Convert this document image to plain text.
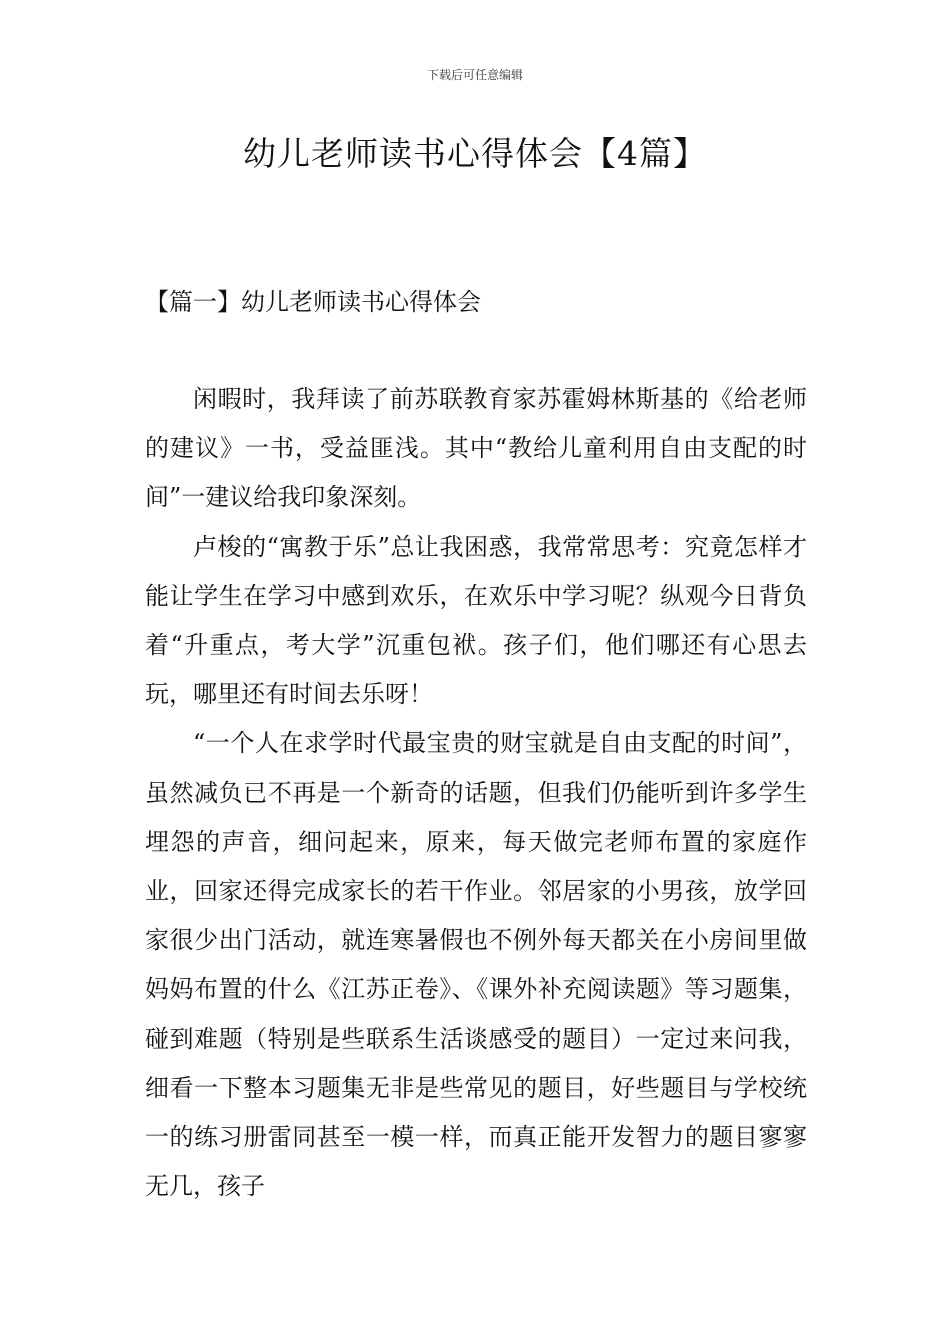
下载后可任意编辑
幼儿老师读书心得体会【4篇】
【篇一】幼儿老师读书心得体会

闲暇时，我拜读了前苏联教育家苏霍姆林斯基的《给老师的建议》一书，受益匪浅。其中“教给儿童利用自由支配的时间”一建议给我印象深刻。

卢梭的“寓教于乐”总让我困惑，我常常思考：究竟怎样才能让学生在学习中感到欢乐，在欢乐中学习呢？纵观今日背负着“升重点，考大学”沉重包袱。孩子们，他们哪还有心思去玩，哪里还有时间去乐呀！

“一个人在求学时代最宝贵的财宝就是自由支配的时间”，虽然减负已不再是一个新奇的话题，但我们仍能听到许多学生埋怨的声音，细问起来，原来，每天做完老师布置的家庭作业，回家还得完成家长的若干作业。邻居家的小男孩，放学回家很少出门活动，就连寒暑假也不例外每天都关在小房间里做妈妈布置的什么《江苏正卷》、《课外补充阅读题》等习题集，碰到难题（特别是些联系生活谈感受的题目）一定过来问我，细看一下整本习题集无非是些常见的题目，好些题目与学校统一的练习册雷同甚至一模一样，而真正能开发智力的题目寥寥无几，孩子
